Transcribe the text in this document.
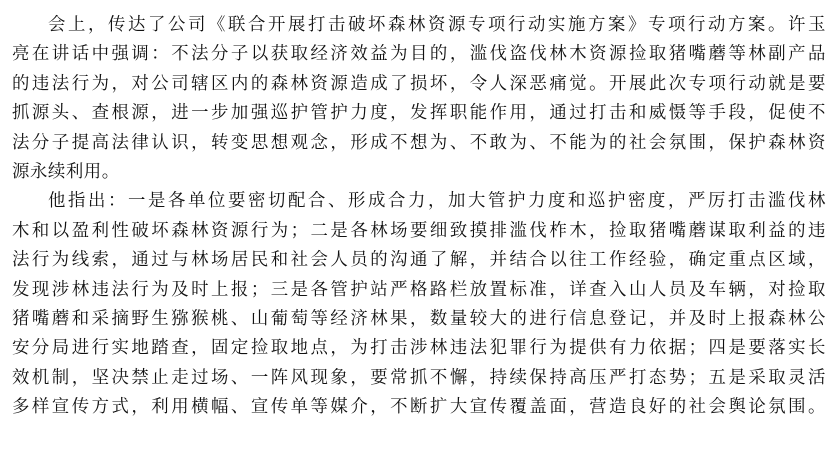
会上，传达了公司《联合开展打击破坏森林资源专项行动实施方案》专项行动方案。许玉
亮在讲话中强调：不法分子以获取经济效益为目的，滥伐盗伐林木资源捡取猪嘴蘑等林副产品
的违法行为，对公司辖区内的森林资源造成了损坏，令人深恶痛觉。开展此次专项行动就是要
抓源头、查根源，进一步加强巡护管护力度，发挥职能作用，通过打击和威慑等手段，促使不
法分子提高法律认识，转变思想观念，形成不想为、不敢为、不能为的社会氛围，保护森林资
源永续利用。
他指出：一是各单位要密切配合、形成合力，加大管护力度和巡护密度，严厉打击滥伐林
木和以盈利性破坏森林资源行为；二是各林场要细致摸排滥伐柞木，捡取猪嘴蘑谋取利益的违
法行为线索，通过与林场居民和社会人员的沟通了解，并结合以往工作经验，确定重点区域，
发现涉林违法行为及时上报；三是各管护站严格路栏放置标准，详查入山人员及车辆，对捡取
猪嘴蘑和采摘野生猕猴桃、山葡萄等经济林果，数量较大的进行信息登记，并及时上报森林公
安分局进行实地踏查，固定捡取地点，为打击涉林违法犯罪行为提供有力依据；四是要落实长
效机制，坚决禁止走过场、一阵风现象，要常抓不懈，持续保持高压严打态势；五是采取灵活
多样宣传方式，利用横幅、宣传单等媒介，不断扩大宣传覆盖面，营造良好的社会舆论氛围。
